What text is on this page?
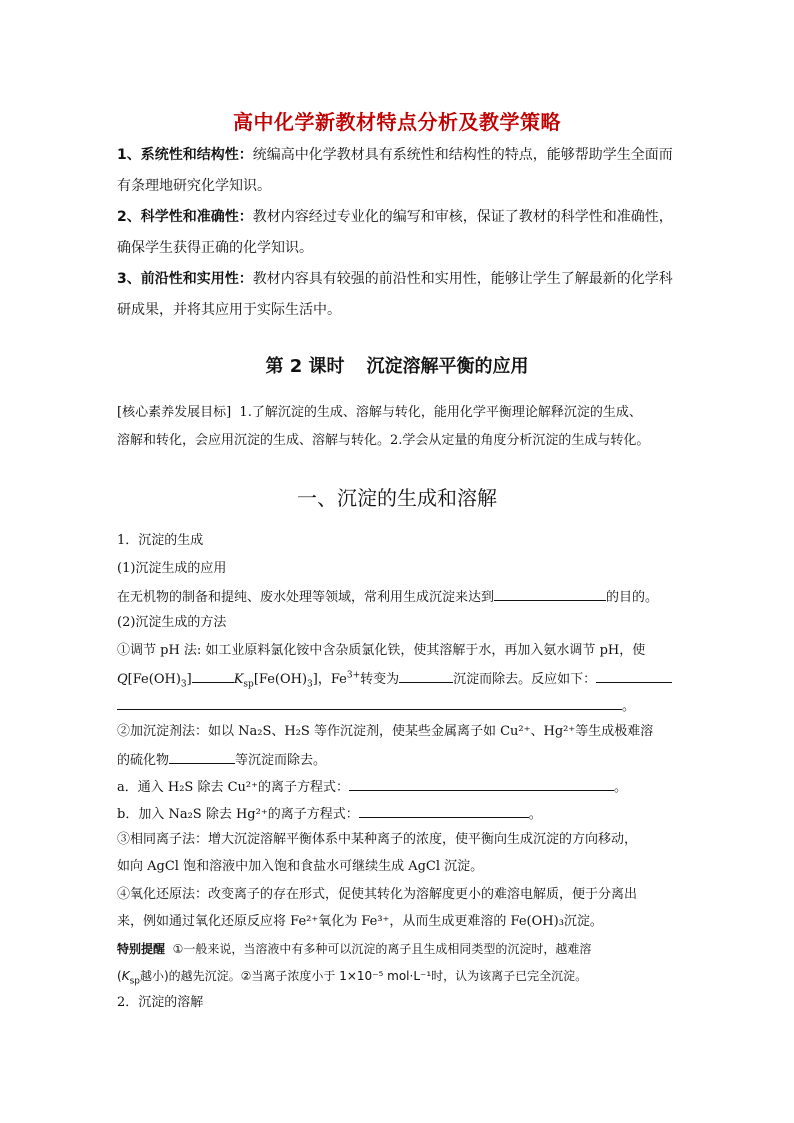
高中化学新教材特点分析及教学策略
1、系统性和结构性：统编高中化学教材具有系统性和结构性的特点，能够帮助学生全面而有条理地研究化学知识。
2、科学性和准确性：教材内容经过专业化的编写和审核，保证了教材的科学性和准确性，确保学生获得正确的化学知识。
3、前沿性和实用性：教材内容具有较强的前沿性和实用性，能够让学生了解最新的化学科研成果，并将其应用于实际生活中。
第 2 课时 沉淀溶解平衡的应用
[核心素养发展目标] 1.了解沉淀的生成、溶解与转化，能用化学平衡理论解释沉淀的生成、
溶解和转化，会应用沉淀的生成、溶解与转化。2.学会从定量的角度分析沉淀的生成与转化。
一、沉淀的生成和溶解
1．沉淀的生成
(1)沉淀生成的应用
在无机物的制备和提纯、废水处理等领域，常利用生成沉淀来达到	的目的。
(2)沉淀生成的方法
①调节 pH 法: 如工业原料氯化铵中含杂质氯化铁，使其溶解于水，再加入氨水调节 pH，使
$Q[Fe(OH)_3]$	$K_{sp}[Fe(OH)_3]$，$Fe^{3+}$转变为	沉淀而除去。反应如下：
。
②加沉淀剂法：如以 Na₂S、H₂S 等作沉淀剂，使某些金属离子如 Cu²⁺、Hg²⁺等生成极难溶
的硫化物	等沉淀而除去。
a．通入 H₂S 除去 Cu²⁺的离子方程式：	。
b．加入 Na₂S 除去 Hg²⁺的离子方程式：	。
③相同离子法：增大沉淀溶解平衡体系中某种离子的浓度，使平衡向生成沉淀的方向移动，
如向 AgCl 饱和溶液中加入饱和食盐水可继续生成 AgCl 沉淀。
④氧化还原法：改变离子的存在形式，促使其转化为溶解度更小的难溶电解质，便于分离出
来，例如通过氧化还原反应将 Fe²⁺氧化为 Fe³⁺，从而生成更难溶的 Fe(OH)₃沉淀。
特别提醒 ①一般来说，当溶液中有多种可以沉淀的离子且生成相同类型的沉淀时，越难溶
($K_{sp}$越小)的越先沉淀。②当离子浓度小于 1×10⁻⁵ mol·L⁻¹时，认为该离子已完全沉淀。
2．沉淀的溶解
